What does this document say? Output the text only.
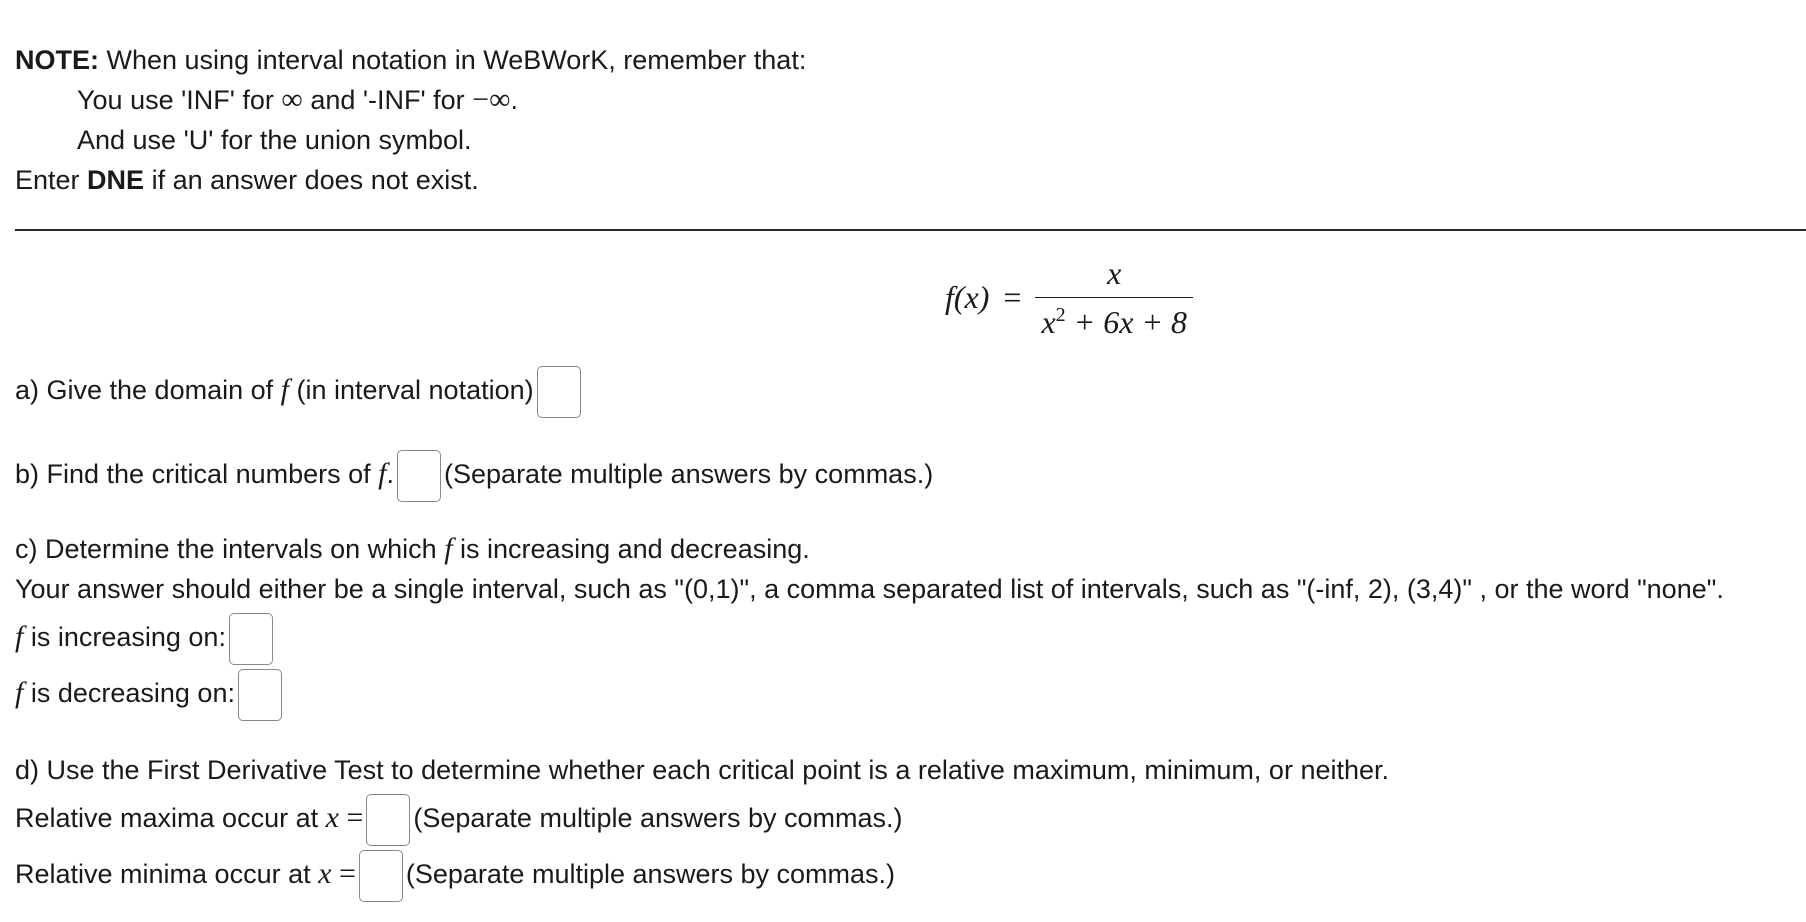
NOTE: When using interval notation in WeBWorK, remember that:
You use 'INF' for ∞ and '-INF' for −∞.
And use 'U' for the union symbol.
Enter DNE if an answer does not exist.
$f(x) = \frac{x}{x^2 + 6x + 8}$
a) Give the domain of f (in interval notation)
b) Find the critical numbers of f. (Separate multiple answers by commas.)
c) Determine the intervals on which f is increasing and decreasing.
Your answer should either be a single interval, such as "(0,1)", a comma separated list of intervals, such as "(-inf, 2), (3,4)" , or the word "none".
f is increasing on:
f is decreasing on:
d) Use the First Derivative Test to determine whether each critical point is a relative maximum, minimum, or neither.
Relative maxima occur at x = (Separate multiple answers by commas.)
Relative minima occur at x = (Separate multiple answers by commas.)
